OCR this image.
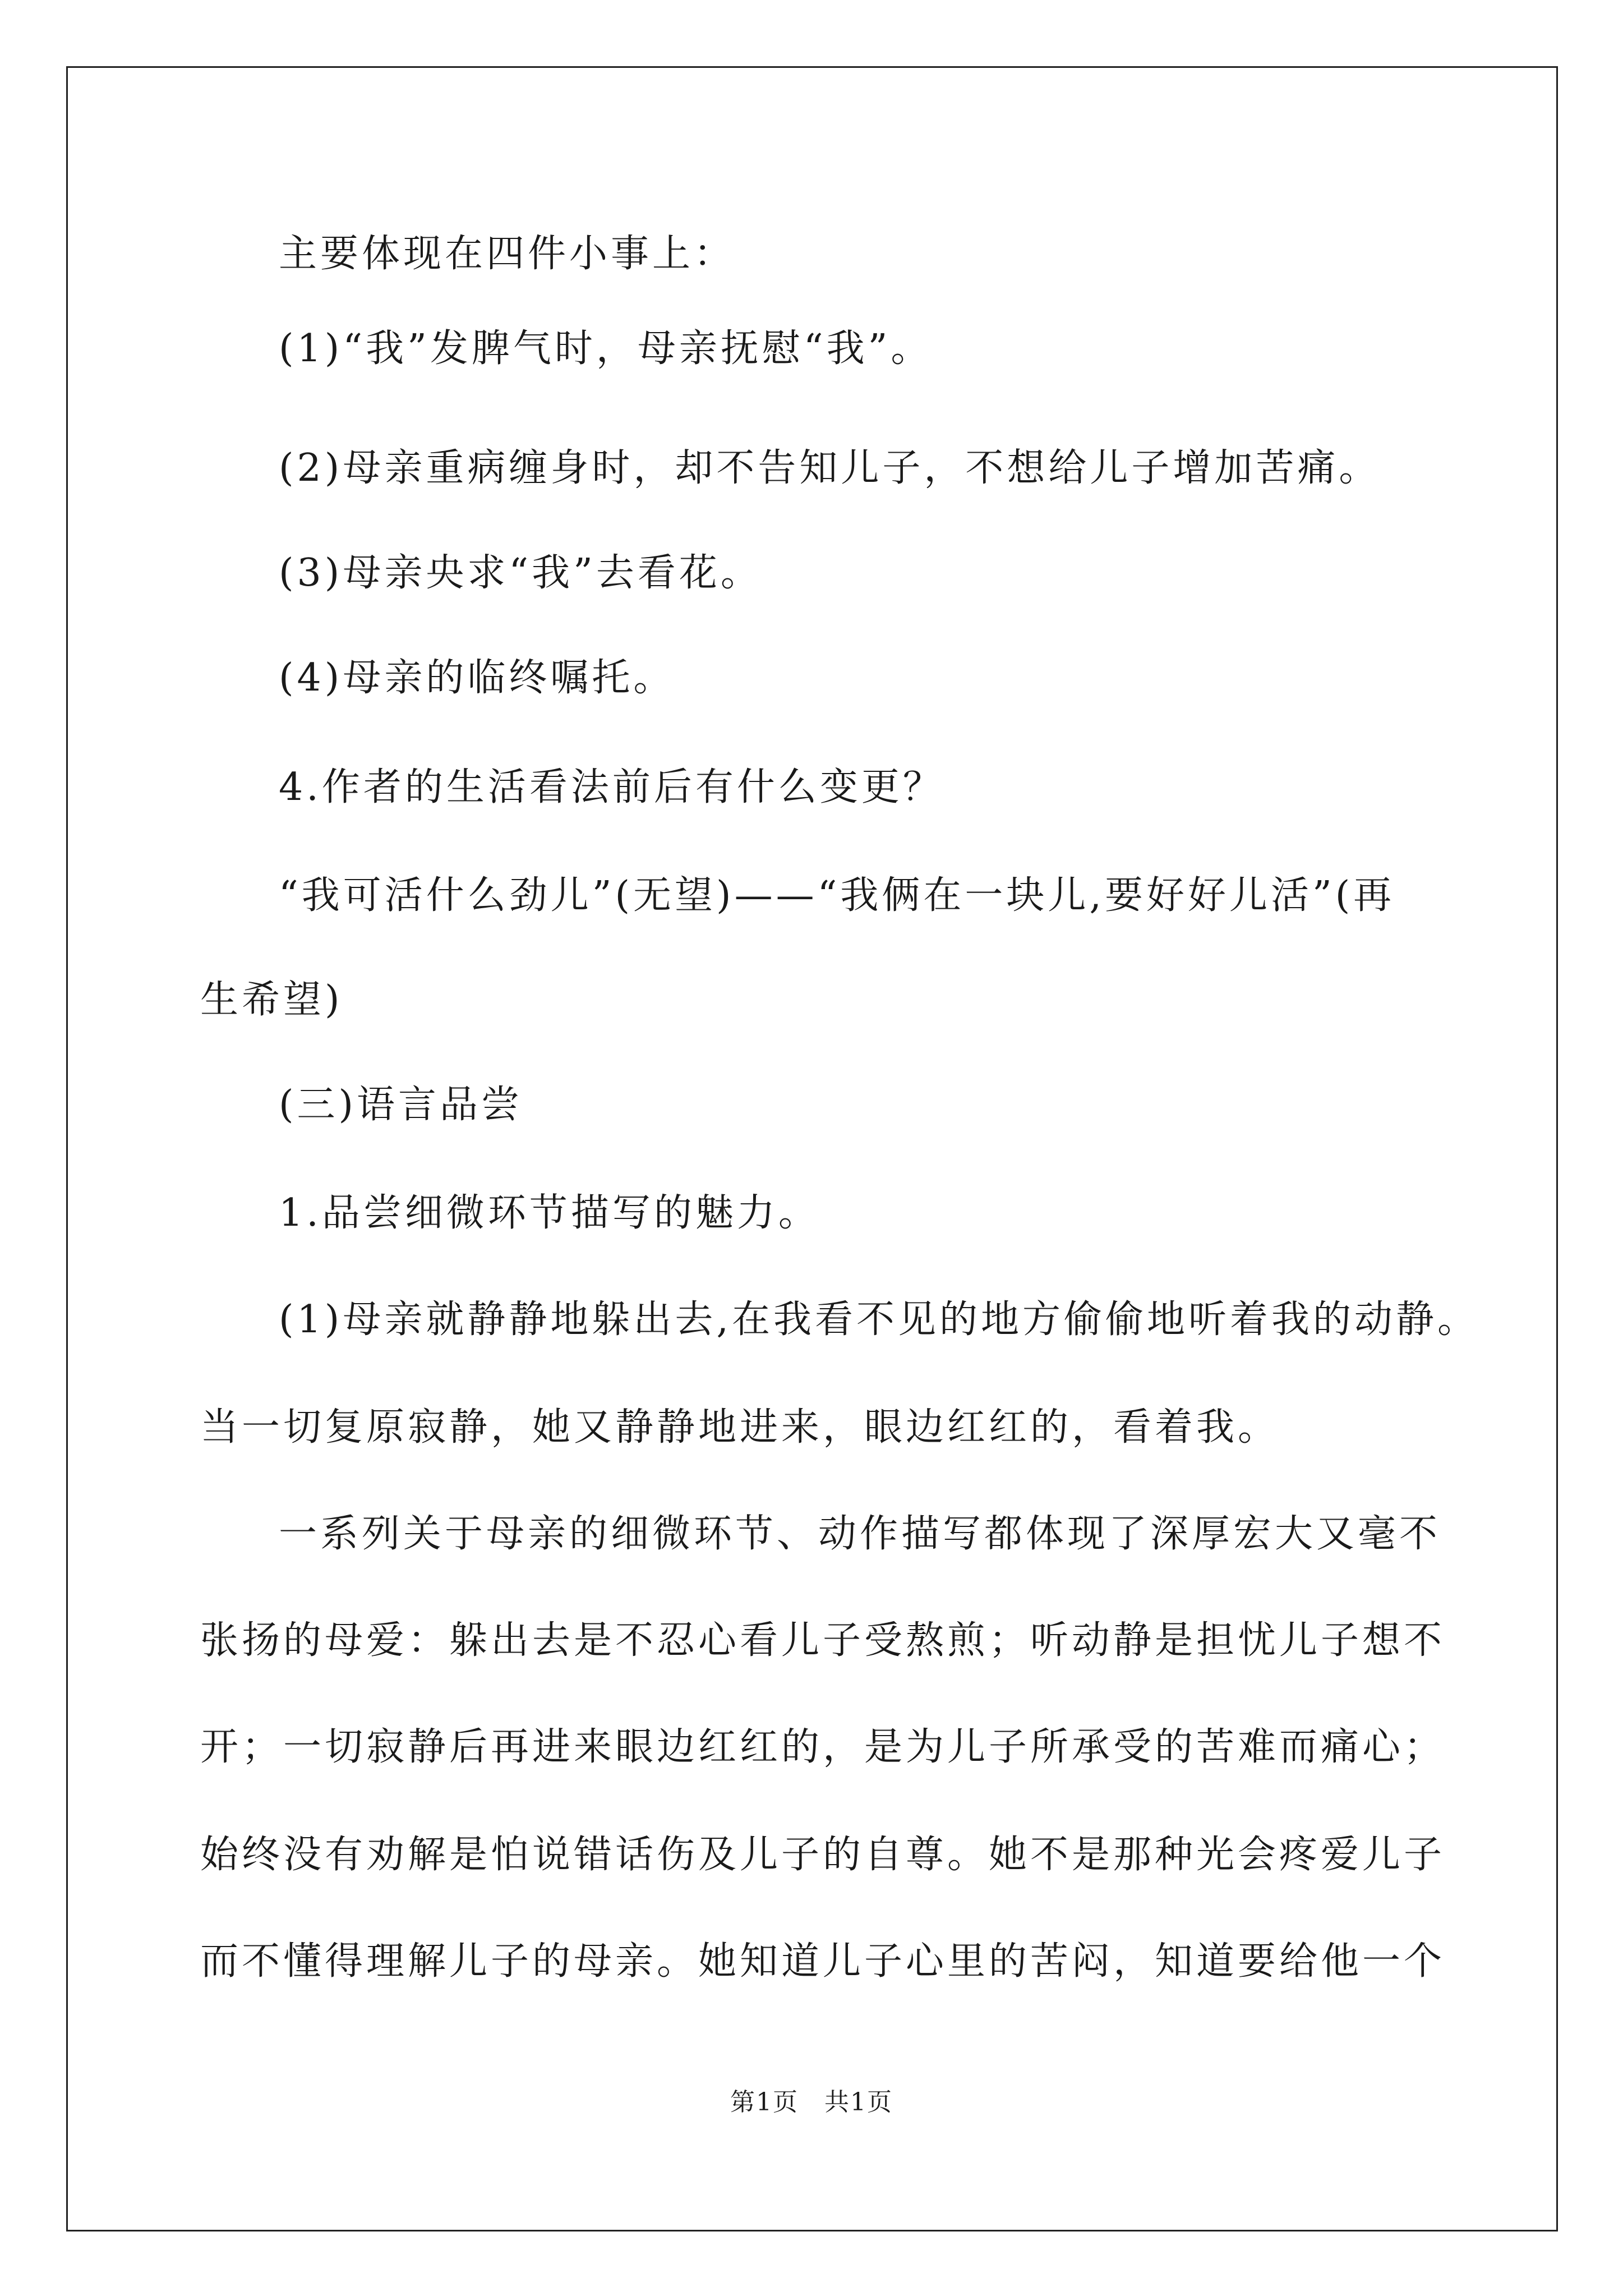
主要体现在四件小事上：
(1)“我”发脾气时，母亲抚慰“我”。
(2)母亲重病缠身时，却不告知儿子，不想给儿子增加苦痛。
(3)母亲央求“我”去看花。
(4)母亲的临终嘱托。
4.作者的生活看法前后有什么变更？
“我可活什么劲儿”(无望)——“我俩在一块儿,要好好儿活”(再
生希望)
(三)语言品尝
1.品尝细微环节描写的魅力。
(1)母亲就静静地躲出去,在我看不见的地方偷偷地听着我的动静。
当一切复原寂静，她又静静地进来，眼边红红的，看着我。
一系列关于母亲的细微环节、动作描写都体现了深厚宏大又毫不
张扬的母爱：躲出去是不忍心看儿子受熬煎；听动静是担忧儿子想不
开；一切寂静后再进来眼边红红的，是为儿子所承受的苦难而痛心；
始终没有劝解是怕说错话伤及儿子的自尊。她不是那种光会疼爱儿子
而不懂得理解儿子的母亲。她知道儿子心里的苦闷，知道要给他一个
第1页　共1页
